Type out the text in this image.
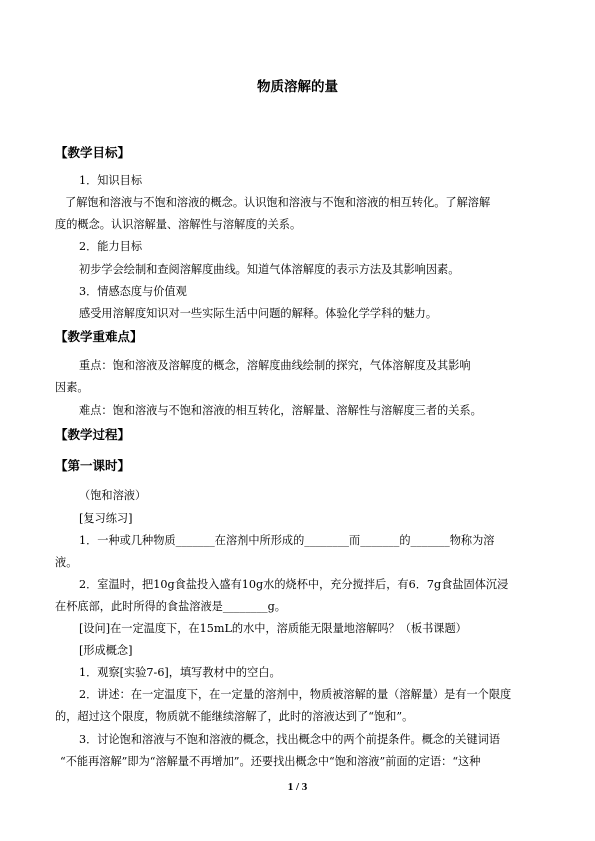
物质溶解的量
【教学目标】
1．知识目标
了解饱和溶液与不饱和溶液的概念。认识饱和溶液与不饱和溶液的相互转化。了解溶解
度的概念。认识溶解量、溶解性与溶解度的关系。
2．能力目标
初步学会绘制和查阅溶解度曲线。知道气体溶解度的表示方法及其影响因素。
3．情感态度与价值观
感受用溶解度知识对一些实际生活中问题的解释。体验化学学科的魅力。
【教学重难点】
重点：饱和溶液及溶解度的概念，溶解度曲线绘制的探究，气体溶解度及其影响
因素。
难点：饱和溶液与不饱和溶液的相互转化，溶解量、溶解性与溶解度三者的关系。
【教学过程】
【第一课时】
（饱和溶液）
[复习练习]
1．一种或几种物质_______在溶剂中所形成的________而_______的_______物称为溶
液。
2．室温时，把10g食盐投入盛有10g水的烧杯中，充分搅拌后，有6．7g食盐固体沉浸
在杯底部，此时所得的食盐溶液是________g。
[设问]在一定温度下，在15mL的水中，溶质能无限量地溶解吗？（板书课题）
[形成概念]
1．观察[实验7-6]，填写教材中的空白。
2．讲述：在一定温度下，在一定量的溶剂中，物质被溶解的量（溶解量）是有一个限度
的，超过这个限度，物质就不能继续溶解了，此时的溶液达到了“饱和”。
3．讨论饱和溶液与不饱和溶液的概念，找出概念中的两个前提条件。概念的关键词语
“不能再溶解”即为“溶解量不再增加”。还要找出概念中“饱和溶液”前面的定语：“这种
1 / 3
